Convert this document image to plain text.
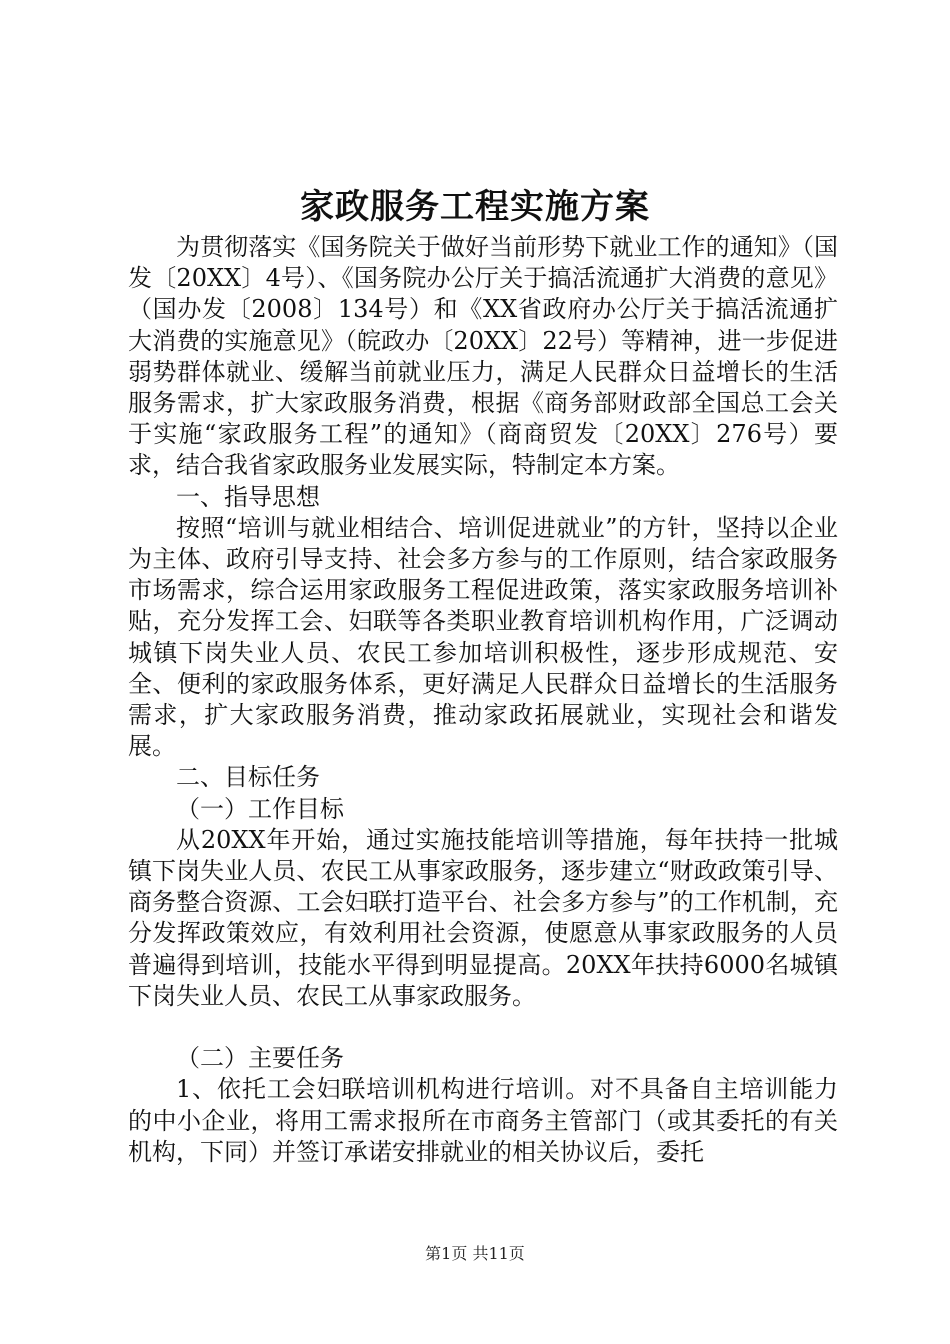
家政服务工程实施方案

为贯彻落实《国务院关于做好当前形势下就业工作的通知》（国发〔20XX〕4号）、《国务院办公厅关于搞活流通扩大消费的意见》（国办发〔2008〕134号）和《XX省政府办公厅关于搞活流通扩大消费的实施意见》（皖政办〔20XX〕22号）等精神，进一步促进弱势群体就业、缓解当前就业压力，满足人民群众日益增长的生活服务需求，扩大家政服务消费，根据《商务部财政部全国总工会关于实施“家政服务工程”的通知》（商商贸发〔20XX〕276号）要求，结合我省家政服务业发展实际，特制定本方案。

一、指导思想

按照“培训与就业相结合、培训促进就业”的方针，坚持以企业为主体、政府引导支持、社会多方参与的工作原则，结合家政服务市场需求，综合运用家政服务工程促进政策，落实家政服务培训补贴，充分发挥工会、妇联等各类职业教育培训机构作用，广泛调动城镇下岗失业人员、农民工参加培训积极性，逐步形成规范、安全、便利的家政服务体系，更好满足人民群众日益增长的生活服务需求，扩大家政服务消费，推动家政拓展就业，实现社会和谐发展。

二、目标任务

（一）工作目标

从20XX年开始，通过实施技能培训等措施，每年扶持一批城镇下岗失业人员、农民工从事家政服务，逐步建立“财政政策引导、商务整合资源、工会妇联打造平台、社会多方参与”的工作机制，充分发挥政策效应，有效利用社会资源，使愿意从事家政服务的人员普遍得到培训，技能水平得到明显提高。20XX年扶持6000名城镇下岗失业人员、农民工从事家政服务。

（二）主要任务

1、依托工会妇联培训机构进行培训。对不具备自主培训能力的中小企业，将用工需求报所在市商务主管部门（或其委托的有关机构，下同）并签订承诺安排就业的相关协议后，委托

第1页 共11页
